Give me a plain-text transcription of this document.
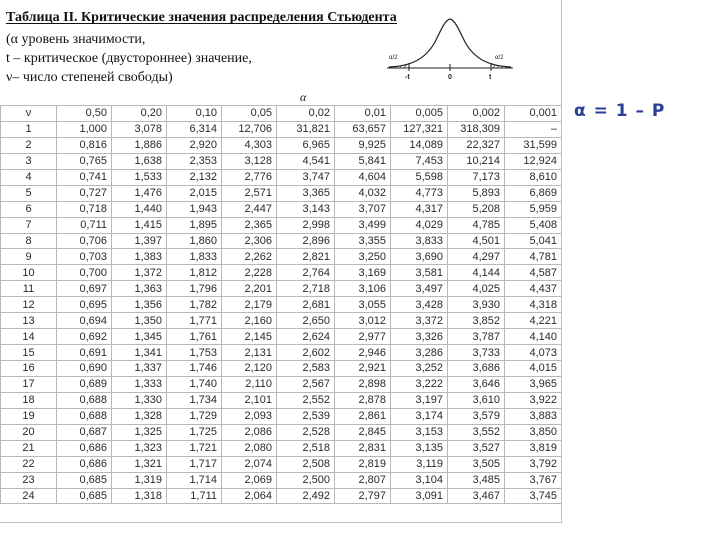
Таблица II. Критические значения распределения Стьюдента
(α уровень значимости,
t – критическое (двустороннее) значение,
ν– число степеней свободы)
α/2	α/2
-t	0	t
α
ν	0,50	0,20	0,10	0,05	0,02	0,01	0,005	0,002	0,001
1	1,000	3,078	6,314	12,706	31,821	63,657	127,321	318,309	–
2	0,816	1,886	2,920	4,303	6,965	9,925	14,089	22,327	31,599
3	0,765	1,638	2,353	3,128	4,541	5,841	7,453	10,214	12,924
4	0,741	1,533	2,132	2,776	3,747	4,604	5,598	7,173	8,610
5	0,727	1,476	2,015	2,571	3,365	4,032	4,773	5,893	6,869
6	0,718	1,440	1,943	2,447	3,143	3,707	4,317	5,208	5,959
7	0,711	1,415	1,895	2,365	2,998	3,499	4,029	4,785	5,408
8	0,706	1,397	1,860	2,306	2,896	3,355	3,833	4,501	5,041
9	0,703	1,383	1,833	2,262	2,821	3,250	3,690	4,297	4,781
10	0,700	1,372	1,812	2,228	2,764	3,169	3,581	4,144	4,587
11	0,697	1,363	1,796	2,201	2,718	3,106	3,497	4,025	4,437
12	0,695	1,356	1,782	2,179	2,681	3,055	3,428	3,930	4,318
13	0,694	1,350	1,771	2,160	2,650	3,012	3,372	3,852	4,221
14	0,692	1,345	1,761	2,145	2,624	2,977	3,326	3,787	4,140
15	0,691	1,341	1,753	2,131	2,602	2,946	3,286	3,733	4,073
16	0,690	1,337	1,746	2,120	2,583	2,921	3,252	3,686	4,015
17	0,689	1,333	1,740	2,110	2,567	2,898	3,222	3,646	3,965
18	0,688	1,330	1,734	2,101	2,552	2,878	3,197	3,610	3,922
19	0,688	1,328	1,729	2,093	2,539	2,861	3,174	3,579	3,883
20	0,687	1,325	1,725	2,086	2,528	2,845	3,153	3,552	3,850
21	0,686	1,323	1,721	2,080	2,518	2,831	3,135	3,527	3,819
22	0,686	1,321	1,717	2,074	2,508	2,819	3,119	3,505	3,792
23	0,685	1,319	1,714	2,069	2,500	2,807	3,104	3,485	3,767
24	0,685	1,318	1,711	2,064	2,492	2,797	3,091	3,467	3,745
α = 1 – P
